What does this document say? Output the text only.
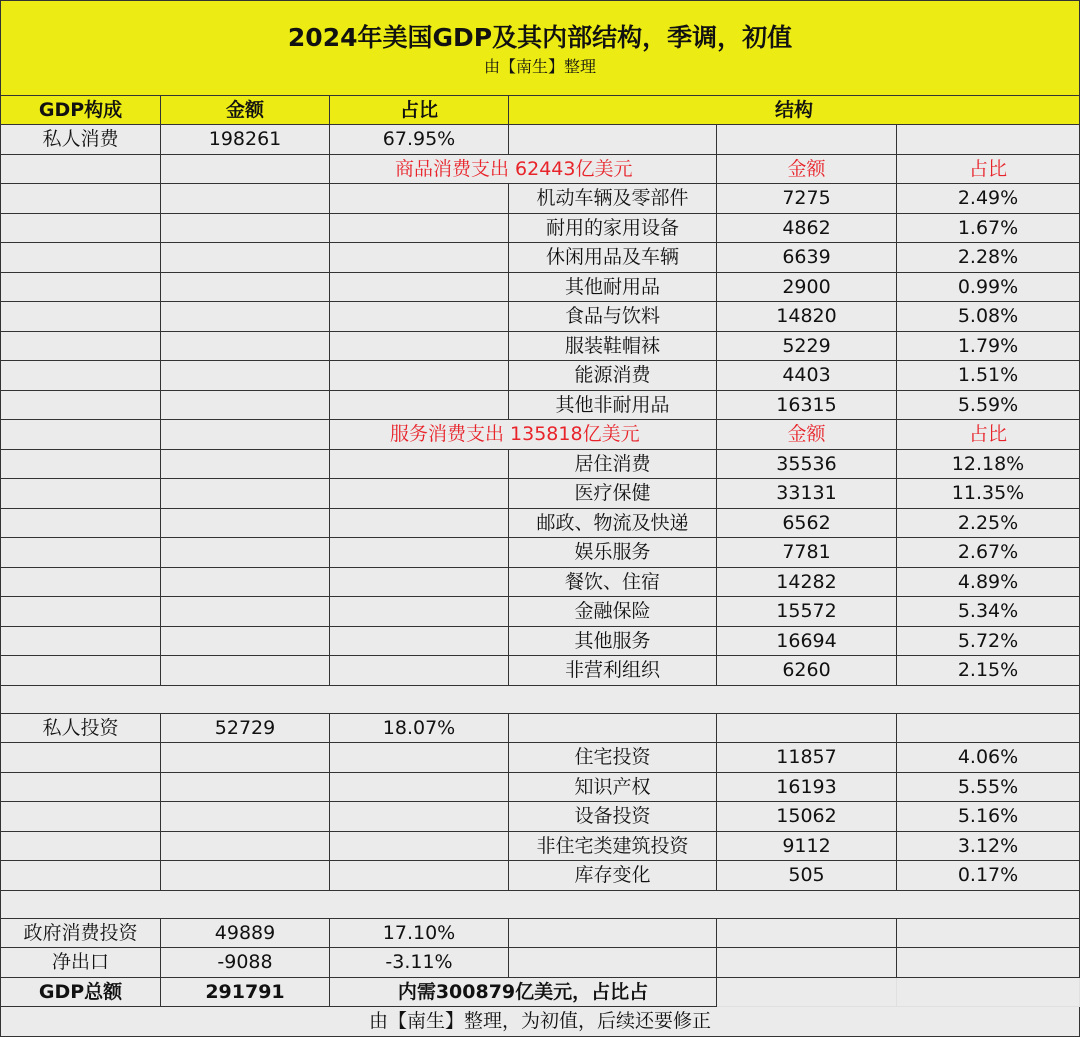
2024年美国GDP及其内部结构，季调，初值
由【南生】整理
GDP构成	金额	占比	结构		
私人消费	198261	67.95%			
		商品消费支出 62443亿美元		金额	占比
			机动车辆及零部件	7275	2.49%
			耐用的家用设备	4862	1.67%
			休闲用品及车辆	6639	2.28%
			其他耐用品	2900	0.99%
			食品与饮料	14820	5.08%
			服装鞋帽袜	5229	1.79%
			能源消费	4403	1.51%
			其他非耐用品	16315	5.59%
		服务消费支出 135818亿美元		金额	占比
			居住消费	35536	12.18%
			医疗保健	33131	11.35%
			邮政、物流及快递	6562	2.25%
			娱乐服务	7781	2.67%
			餐饮、住宿	14282	4.89%
			金融保险	15572	5.34%
			其他服务	16694	5.72%
			非营利组织	6260	2.15%

私人投资	52729	18.07%			
			住宅投资	11857	4.06%
			知识产权	16193	5.55%
			设备投资	15062	5.16%
			非住宅类建筑投资	9112	3.12%
			库存变化	505	0.17%

政府消费投资	49889	17.10%			
净出口	-9088	-3.11%			
GDP总额	291791	内需300879亿美元，占比占			
由【南生】整理，为初值，后续还要修正					
